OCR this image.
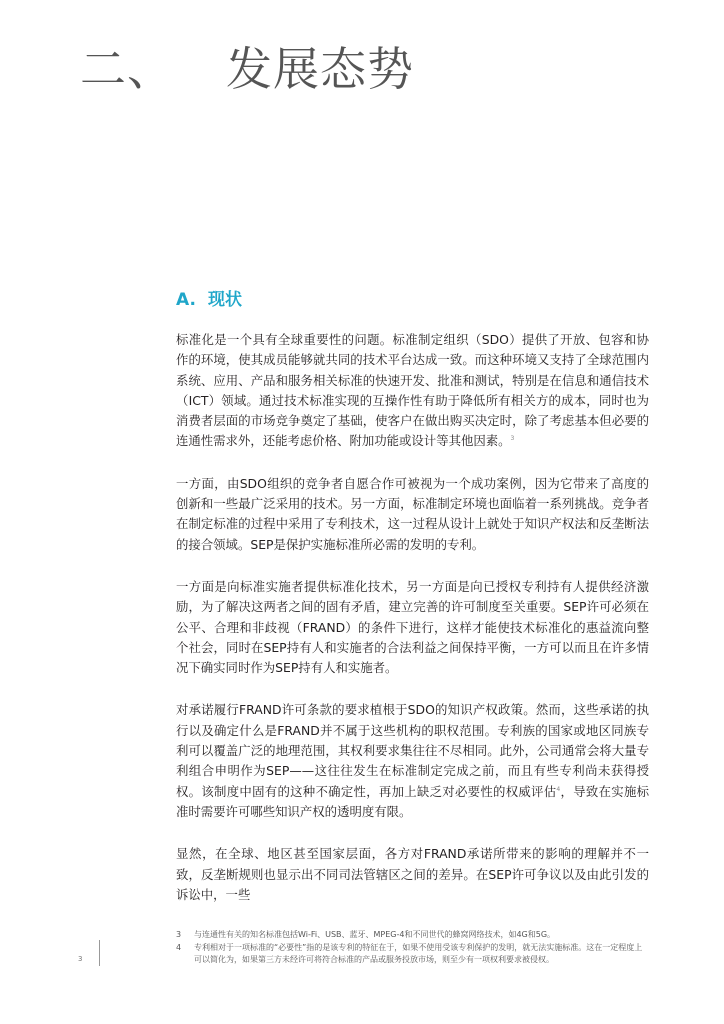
二、 发展态势
A. 现状

标准化是一个具有全球重要性的问题。标准制定组织（SDO）提供了开放、包容和协作的环境，使其成员能够就共同的技术平台达成一致。而这种环境又支持了全球范围内系统、应用、产品和服务相关标准的快速开发、批准和测试，特别是在信息和通信技术（ICT）领域。通过技术标准实现的互操作性有助于降低所有相关方的成本，同时也为消费者层面的市场竞争奠定了基础，使客户在做出购买决定时，除了考虑基本但必要的连通性需求外，还能考虑价格、附加功能或设计等其他因素。$^3$

一方面，由SDO组织的竞争者自愿合作可被视为一个成功案例，因为它带来了高度的创新和一些最广泛采用的技术。另一方面，标准制定环境也面临着一系列挑战。竞争者在制定标准的过程中采用了专利技术，这一过程从设计上就处于知识产权法和反垄断法的接合领域。SEP是保护实施标准所必需的发明的专利。

一方面是向标准实施者提供标准化技术，另一方面是向已授权专利持有人提供经济激励，为了解决这两者之间的固有矛盾，建立完善的许可制度至关重要。SEP许可必须在公平、合理和非歧视（FRAND）的条件下进行，这样才能使技术标准化的惠益流向整个社会，同时在SEP持有人和实施者的合法利益之间保持平衡，一方可以而且在许多情况下确实同时作为SEP持有人和实施者。

对承诺履行FRAND许可条款的要求植根于SDO的知识产权政策。然而，这些承诺的执行以及确定什么是FRAND并不属于这些机构的职权范围。专利族的国家或地区同族专利可以覆盖广泛的地理范围，其权利要求集往往不尽相同。此外，公司通常会将大量专利组合申明作为SEP——这往往发生在标准制定完成之前，而且有些专利尚未获得授权。该制度中固有的这种不确定性，再加上缺乏对必要性的权威评估$^4$，导致在实施标准时需要许可哪些知识产权的透明度有限。

显然，在全球、地区甚至国家层面，各方对FRAND承诺所带来的影响的理解并不一致，反垄断规则也显示出不同司法管辖区之间的差异。在SEP许可争议以及由此引发的诉讼中，一些

3	与连通性有关的知名标准包括Wi-Fi、USB、蓝牙、MPEG-4和不同世代的蜂窝网络技术，如4G和5G。
4	专利相对于一项标准的“必要性”指的是该专利的特征在于，如果不使用受该专利保护的发明，就无法实施标准。这在一定程度上可以简化为，如果第三方未经许可将符合标准的产品或服务投放市场，则至少有一项权利要求被侵权。
3
